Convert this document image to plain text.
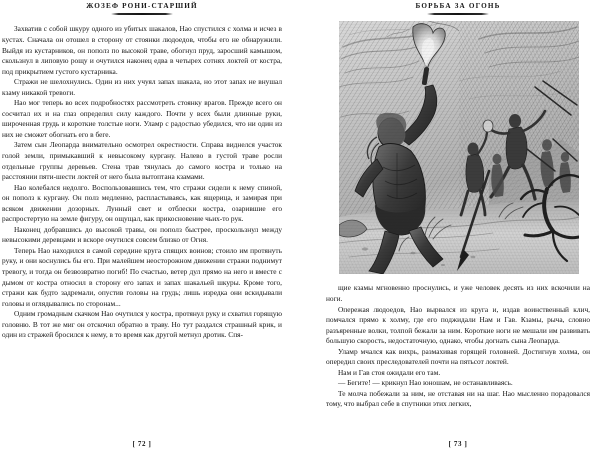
ЖОЗЕФ РОНИ-СТАРШИЙ

Захватив с собой шкуру одного из убитых шакалов, Нао спустился с холма и исчез в кустах. Сначала он отошел в сторону от стоянки людоедов, чтобы его не обнаружили. Выйдя из кустарников, он пополз по высокой траве, обогнул пруд, заросший камышом, скользнул в липовую рощу и очутился наконец едва в четырех сотнях локтей от костра, под прикрытием густого кустарника.

Стражи не шелохнулись. Один из них учуял запах шакала, но этот запах не внушал кзаму никакой тревоги.

Нао мог теперь во всех подробностях рассмотреть стоянку врагов. Прежде всего он сосчитал их и на глаз определил силу каждого. Почти у всех были длинные руки, широченная грудь и короткие толстые ноги. Уламр с радостью убедился, что ни один из них не сможет обогнать его в беге.

Затем сын Леопарда внимательно осмотрел окрестности. Справа виднелся участок голой земли, примыкавший к невысокому кургану. Налево в густой траве росли отдельные группы деревьев. Стена трав тянулась до самого костра и только на расстоянии пяти-шести локтей от него была вытоптана кзамами.

Нао колебался недолго. Воспользовавшись тем, что стражи сидели к нему спиной, он пополз к кургану. Он полз медленно, распластываясь, как ящерица, и замирая при всяком движении дозорных. Лунный свет и отблески костра, озарившие его распростертую на земле фигуру, он ощущал, как прикосновение чьих-то рук.

Наконец добравшись до высокой травы, он пополз быстрее, проскользнул между невысокими деревцами и вскоре очутился совсем близко от Огня.

Теперь Нао находился в самой середине круга спящих воинов; стоило им протянуть руку, и они коснулись бы его. При малейшем неосторожном движении стражи поднимут тревогу, и тогда он безвозвратно погиб! По счастью, ветер дул прямо на него и вместе с дымом от костра относил в сторону его запах и запах шакальей шкуры. Кроме того, стражи как будто задремали, опустив головы на грудь; лишь изредка они вскидывали головы и оглядывались по сторонам...

Одним громадным скачком Нао очутился у костра, протянул руку и схватил горящую головню. В тот же миг он отскочил обратно в траву. Но тут раздался страшный крик, и один из стражей бросился к нему, в то время как другой метнул дротик. Спя-

[ 72 ]
БОРЬБА ЗА ОГОНЬ

щие кзамы мгновенно проснулись, и уже человек десять из них вскочили на ноги.

Опережая людоедов, Нао вырвался из круга и, издав воинственный клич, помчался прямо к холму, где его поджидали Нам и Гав. Кзамы, рыча, словно разъяренные волки, толпой бежали за ним. Короткие ноги не мешали им развивать большую скорость, недостаточную, однако, чтобы догнать сына Леопарда.

Уламр мчался как вихрь, размахивая горящей головней. Достигнув холма, он опередил своих преследователей почти на пятьсот локтей.

Нам и Гав стоя ожидали его там.

— Бегите! — крикнул Нао юношам, не останавливаясь.

Те молча побежали за ним, не отставая ни на шаг. Нао мысленно порадовался тому, что выбрал себе в спутники этих легких,

[ 73 ]
